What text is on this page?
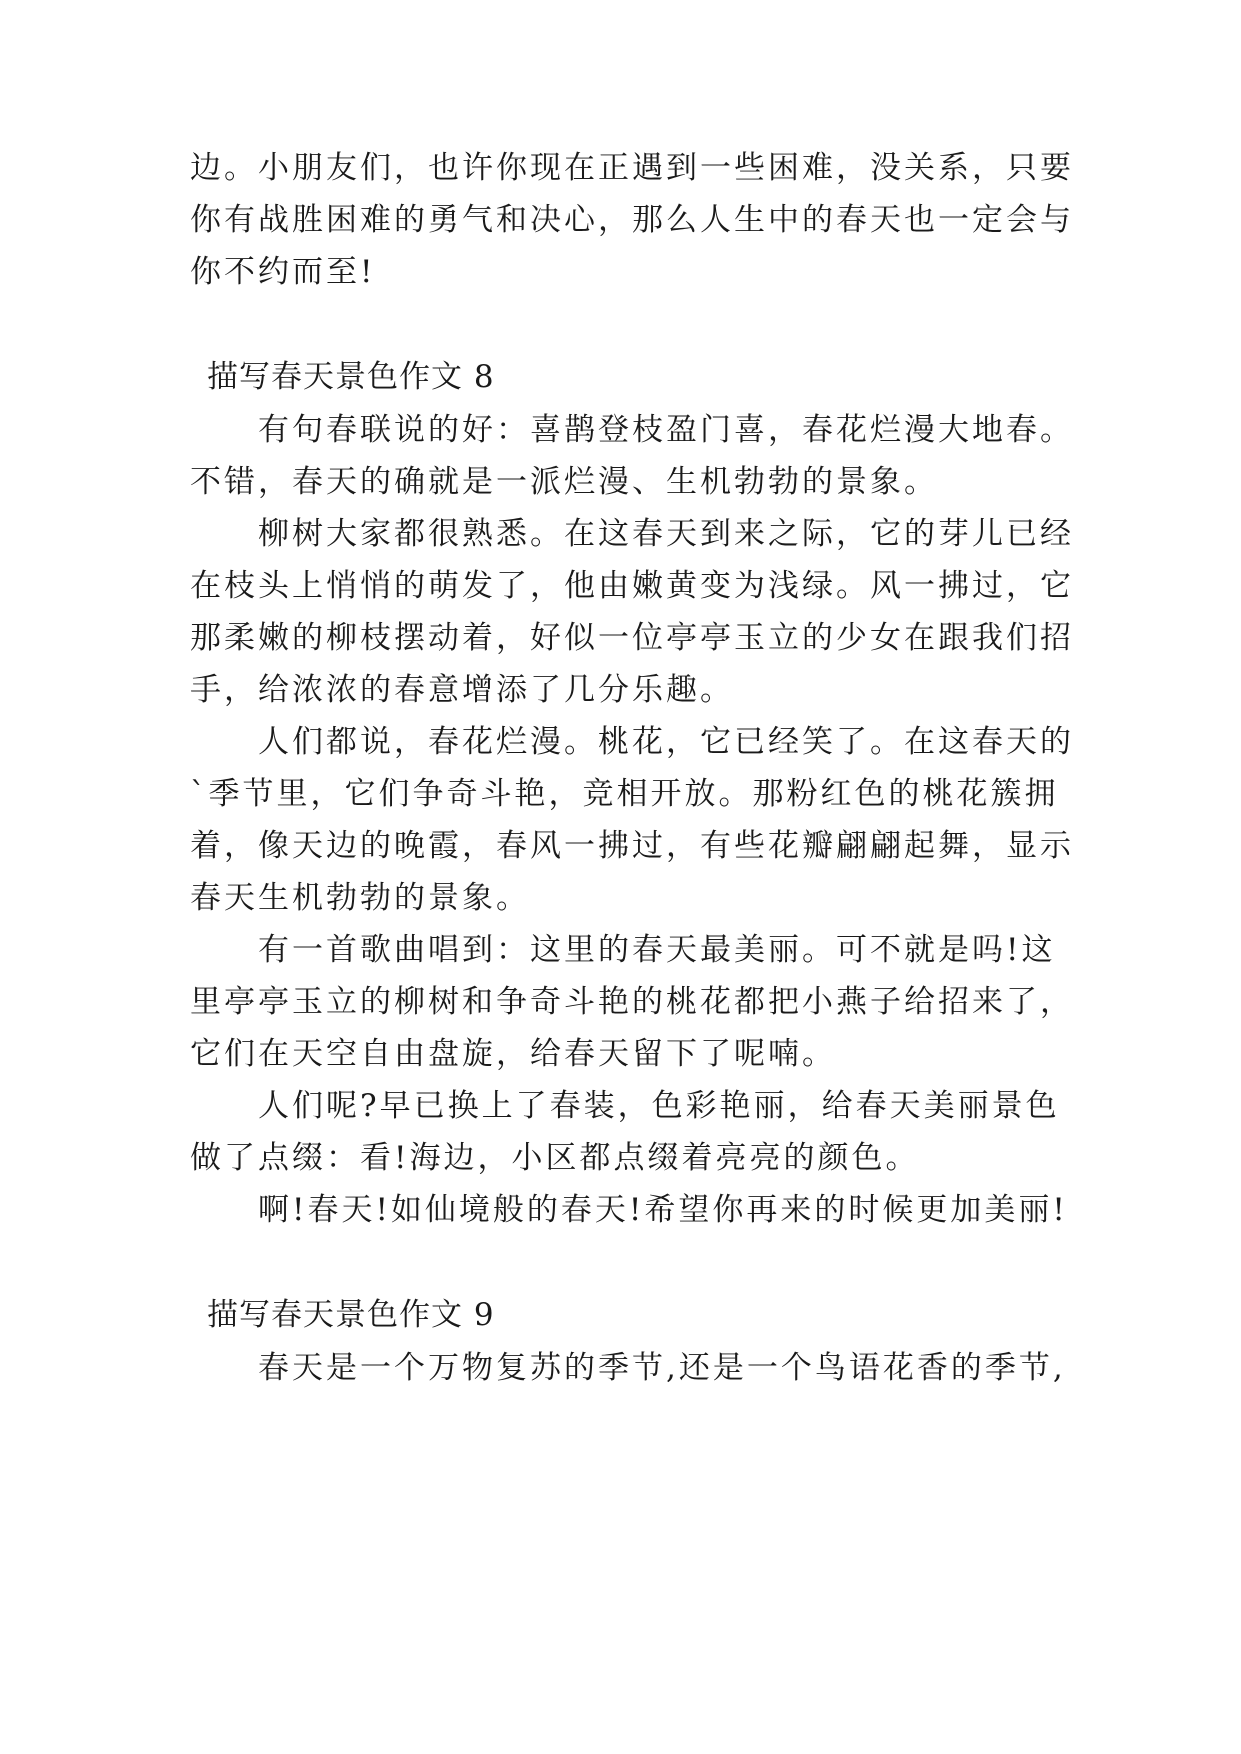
边。小朋友们，也许你现在正遇到一些困难，没关系，只要
你有战胜困难的勇气和决心，那么人生中的春天也一定会与
你不约而至!
描写春天景色作文 8
有句春联说的好：喜鹊登枝盈门喜，春花烂漫大地春。
不错，春天的确就是一派烂漫、生机勃勃的景象。
柳树大家都很熟悉。在这春天到来之际，它的芽儿已经
在枝头上悄悄的萌发了，他由嫩黄变为浅绿。风一拂过，它
那柔嫩的柳枝摆动着，好似一位亭亭玉立的少女在跟我们招
手，给浓浓的春意增添了几分乐趣。
人们都说，春花烂漫。桃花，它已经笑了。在这春天的
`季节里，它们争奇斗艳，竞相开放。那粉红色的桃花簇拥
着，像天边的晚霞，春风一拂过，有些花瓣翩翩起舞，显示
春天生机勃勃的景象。
有一首歌曲唱到：这里的春天最美丽。可不就是吗!这
里亭亭玉立的柳树和争奇斗艳的桃花都把小燕子给招来了，
它们在天空自由盘旋，给春天留下了呢喃。
人们呢?早已换上了春装，色彩艳丽，给春天美丽景色
做了点缀：看!海边，小区都点缀着亮亮的颜色。
啊!春天!如仙境般的春天!希望你再来的时候更加美丽!
描写春天景色作文 9
春天是一个万物复苏的季节,还是一个鸟语花香的季节,
